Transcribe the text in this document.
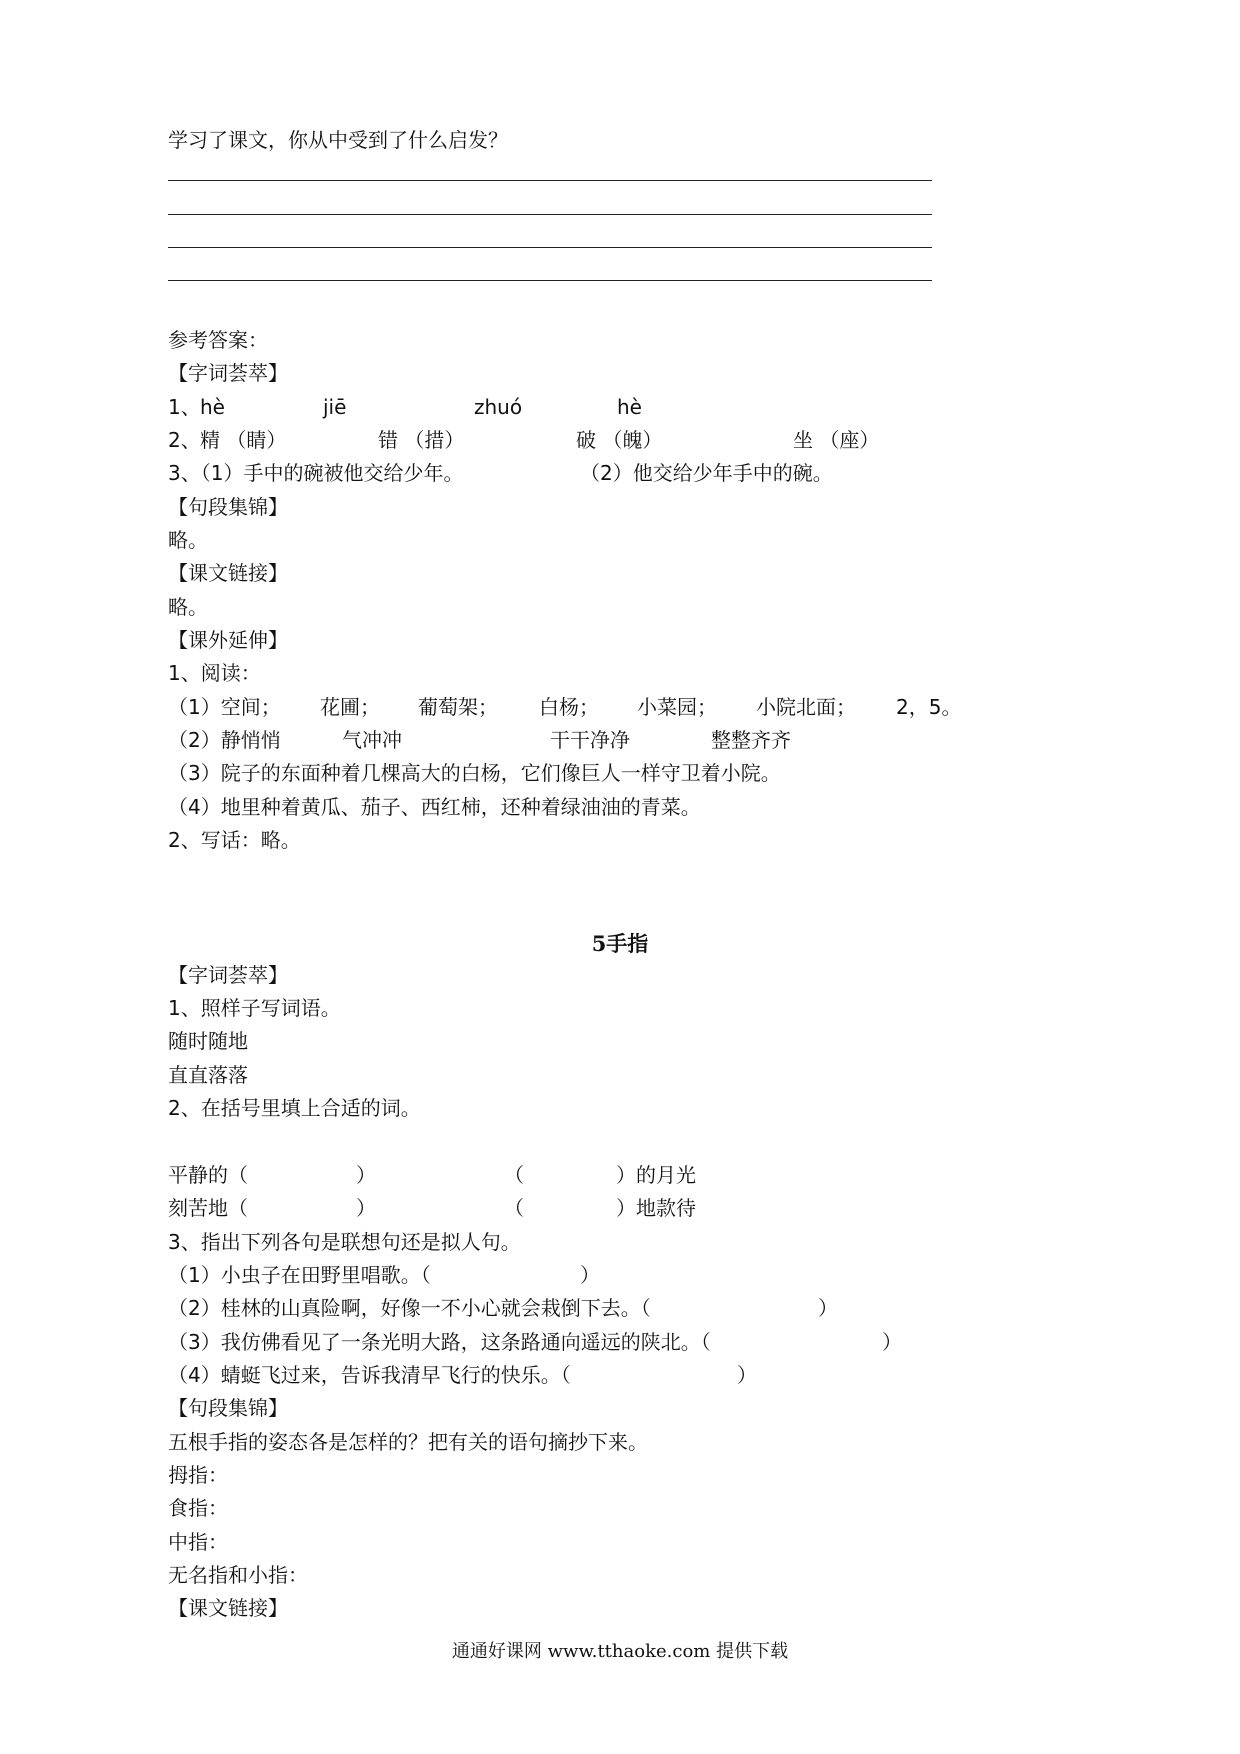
学习了课文，你从中受到了什么启发？
参考答案：
【字词荟萃】
1、 hè	jiē	zhuó	hè
2、 精 （睛）	错 （措）	破 （魄）	坐 （座）
3、（1）手中的碗被他交给少年。	（2）他交给少年手中的碗。
【句段集锦】
略。
【课文链接】
略。
【课外延伸】
1、阅读：
（1）空间； 花圃； 葡萄架； 白杨； 小菜园； 小院北面； 2，5。
（2）静悄悄	气冲冲	干干净净	整整齐齐
（3）院子的东面种着几棵高大的白杨，它们像巨人一样守卫着小院。
（4）地里种着黄瓜、茄子、西红柿，还种着绿油油的青菜。
2、写话：略。
5手指
【字词荟萃】
1、照样子写词语。
随时随地
直直落落
2、在括号里填上合适的词。
平静的（	）	（	）的月光
刻苦地（	）	（	）地款待
3、指出下列各句是联想句还是拟人句。
（1）小虫子在田野里唱歌。（	）
（2）桂林的山真险啊，好像一不小心就会栽倒下去。（	）
（3）我仿佛看见了一条光明大路，这条路通向遥远的陕北。（	）
（4）蜻蜓飞过来，告诉我清早飞行的快乐。（	）
【句段集锦】
五根手指的姿态各是怎样的？把有关的语句摘抄下来。
拇指：
食指：
中指：
无名指和小指：
【课文链接】
通通好课网 www.tthaoke.com 提供下载
